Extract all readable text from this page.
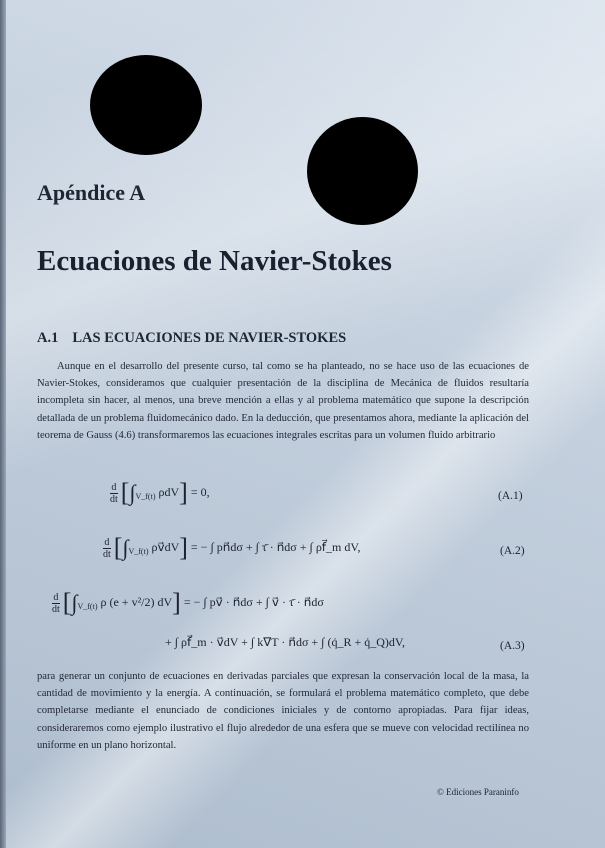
Apéndice A
Ecuaciones de Navier-Stokes
A.1 LAS ECUACIONES DE NAVIER-STOKES
Aunque en el desarrollo del presente curso, tal como se ha planteado, no se hace uso de las ecuaciones de Navier-Stokes, consideramos que cualquier presentación de la disciplina de Mecánica de fluidos resultaría incompleta sin hacer, al menos, una breve mención a ellas y al problema matemático que supone la descripción detallada de un problema fluidomecánico dado. En la deducción, que presentamos ahora, mediante la aplicación del teorema de Gauss (4.6) transformaremos las ecuaciones integrales escritas para un volumen fluido arbitrario
$\frac{d}{dt} [\int_{V\_f(t)}$ ρdV] = 0,	(A.1)
$\frac{d}{dt} [\int_{V\_f(t)}$ ρv⃗dV] = − ∫ pn⃗dσ + ∫ τ̄ · n⃗dσ + ∫ ρf⃗_m dV,	(A.2)
$\frac{d}{dt} [\int_{V\_f(t)}$ ρ (e + v²/2) dV] = − ∫ pv⃗ · n⃗dσ + ∫ v⃗ · τ̄ · n⃗dσ
+ ∫ ρf⃗_m · v⃗dV + ∫ k∇T · n⃗dσ + ∫ (q̇_R + q̇_Q)dV,	(A.3)
para generar un conjunto de ecuaciones en derivadas parciales que expresan la conservación local de la masa, la cantidad de movimiento y la energía. A continuación, se formulará el problema matemático completo, que debe completarse mediante el enunciado de condiciones iniciales y de contorno apropiadas. Para fijar ideas, consideraremos como ejemplo ilustrativo el flujo alrededor de una esfera que se mueve con velocidad rectilínea no uniforme en un plano horizontal.
© Ediciones Paraninfo
